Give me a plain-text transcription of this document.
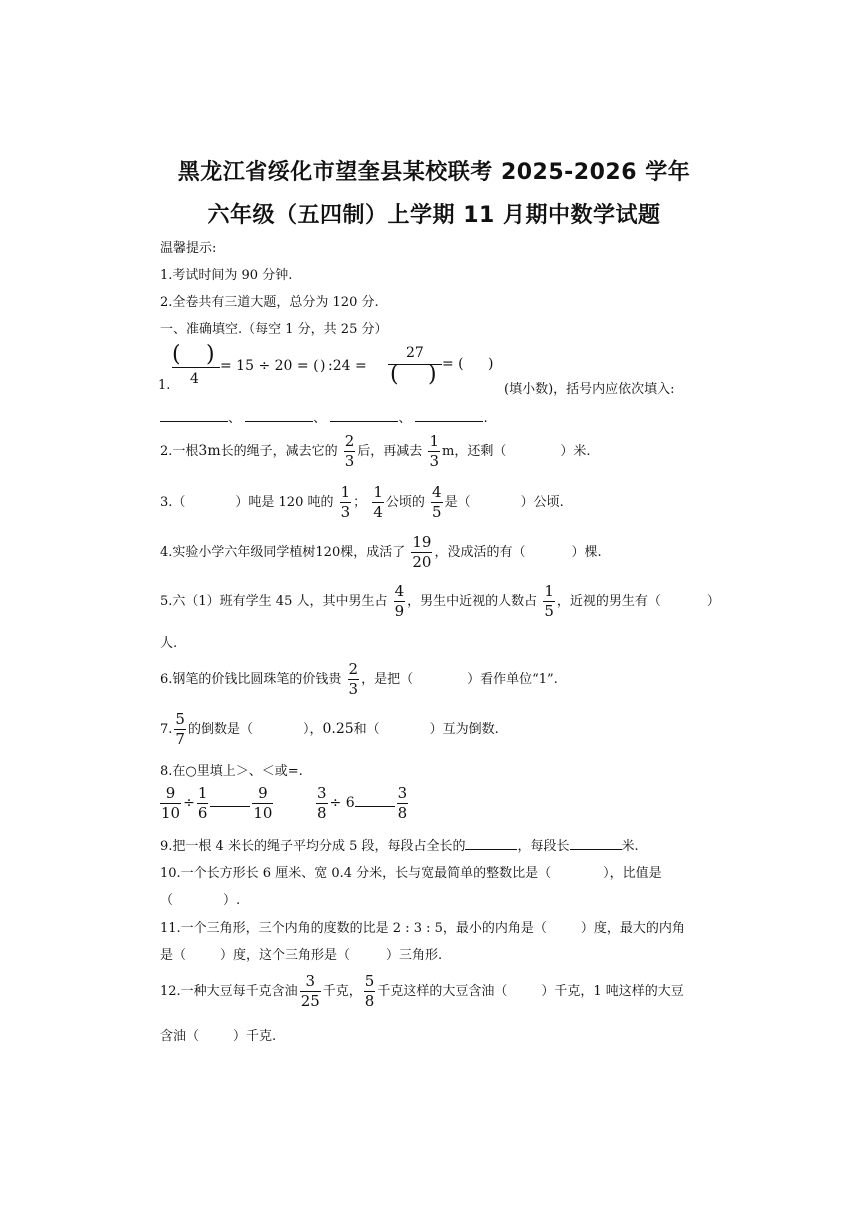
黑龙江省绥化市望奎县某校联考 2025-2026 学年
六年级（五四制）上学期 11 月期中数学试题
温馨提示:
1.考试时间为 90 分钟.
2.全卷共有三道大题，总分为 120 分.
一、准确填空.（每空 1 分，共 25 分）
1.
( )
4
= 15 ÷ 20 = ( ) :24 =
27
( ) = ( )
(填小数)，括号内应依次填入:
、	、	、	.
2.一根3m长的绳子，减去它的 $\frac{2}{3}$ 后，再减去 $\frac{1}{3}$ m，还剩（	）米.
3.（	）吨是 120 吨的 $\frac{1}{3}$ ； $\frac{1}{4}$ 公顷的 $\frac{4}{5}$ 是（	）公顷.
4.实验小学六年级同学植树120棵，成活了 $\frac{19}{20}$ ，没成活的有（	）棵.
5.六（1）班有学生 45 人，其中男生占 $\frac{4}{9}$ ，男生中近视的人数占 $\frac{1}{5}$ ，近视的男生有（	）
人.
6.钢笔的价钱比圆珠笔的价钱贵 $\frac{2}{3}$ ，是把（	）看作单位“1”.
7. $\frac{5}{7}$ 的倒数是（	），0.25和（	）互为倒数.
8.在○里填上＞、＜或=.
$\frac{9}{10} \div \frac{1}{6}$	$\frac{9}{10}$	$\frac{3}{8} \div 6$	$\frac{3}{8}$
9.把一根 4 米长的绳子平均分成 5 段，每段占全长的	，每段长	米.
10.一个长方形长 6 厘米、宽 0.4 分米，长与宽最简单的整数比是（	），比值是
（	）.
11.一个三角形，三个内角的度数的比是 2 : 3 : 5，最小的内角是（	）度，最大的内角
是（	）度，这个三角形是（	）三角形.
12.一种大豆每千克含油 $\frac{3}{25}$ 千克， $\frac{5}{8}$ 千克这样的大豆含油（	）千克，1 吨这样的大豆
含油（	）千克.
